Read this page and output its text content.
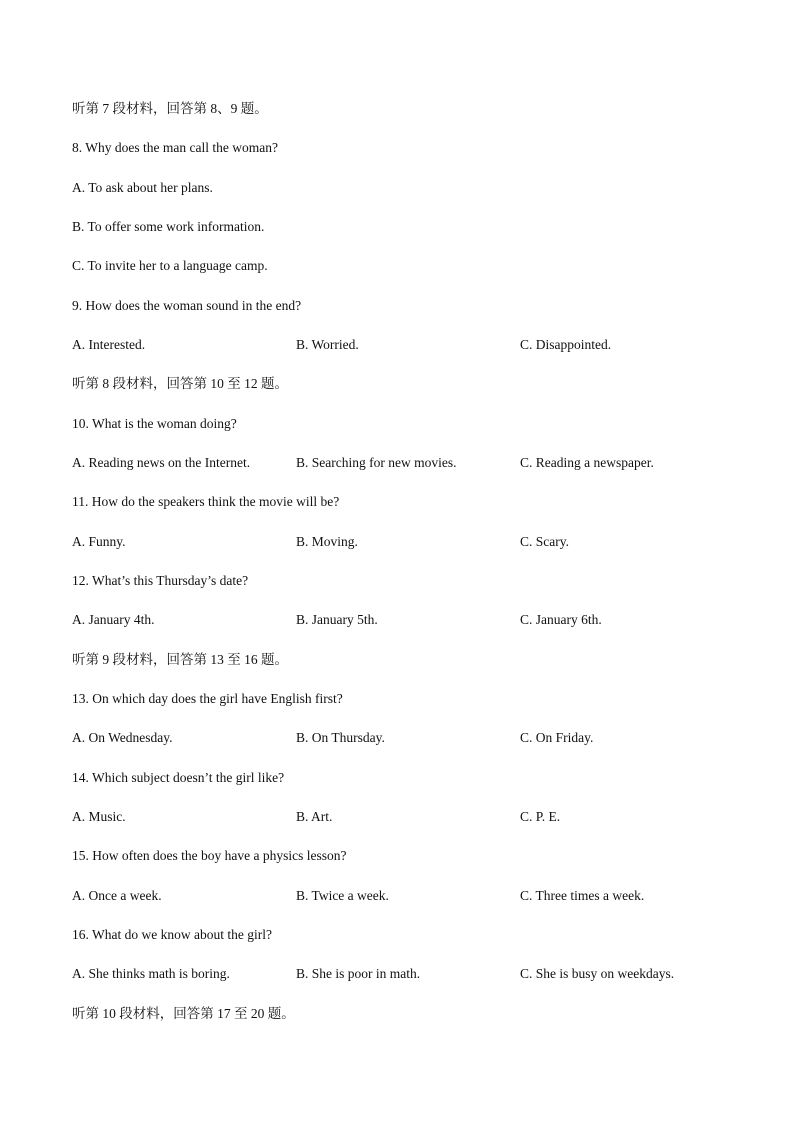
听第 7 段材料，回答第 8、9 题。
8. Why does the man call the woman?
A. To ask about her plans.
B. To offer some work information.
C. To invite her to a language camp.
9. How does the woman sound in the end?
A. Interested.	B. Worried.	C. Disappointed.
听第 8 段材料，回答第 10 至 12 题。
10. What is the woman doing?
A. Reading news on the Internet.	B. Searching for new movies.	C. Reading a newspaper.
11. How do the speakers think the movie will be?
A. Funny.	B. Moving.	C. Scary.
12. What’s this Thursday’s date?
A. January 4th.	B. January 5th.	C. January 6th.
听第 9 段材料，回答第 13 至 16 题。
13. On which day does the girl have English first?
A. On Wednesday.	B. On Thursday.	C. On Friday.
14. Which subject doesn’t the girl like?
A. Music.	B. Art.	C. P. E.
15. How often does the boy have a physics lesson?
A. Once a week.	B. Twice a week.	C. Three times a week.
16. What do we know about the girl?
A. She thinks math is boring.	B. She is poor in math.	C. She is busy on weekdays.
听第 10 段材料，回答第 17 至 20 题。
